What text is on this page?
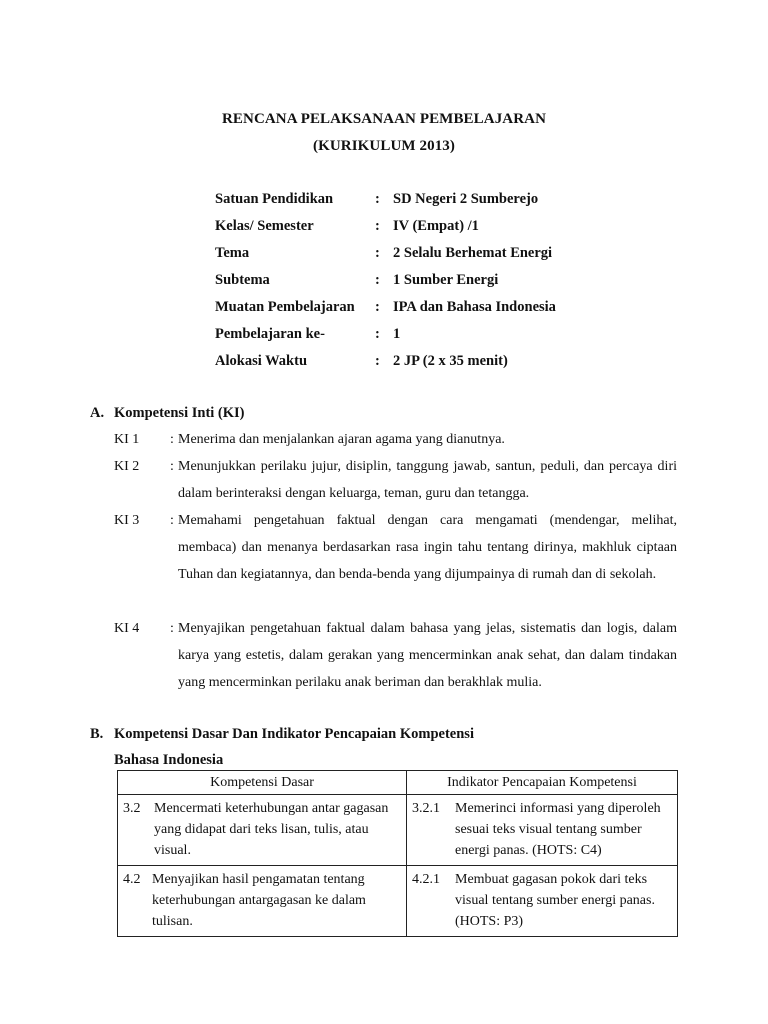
RENCANA PELAKSANAAN PEMBELAJARAN
(KURIKULUM 2013)
Satuan Pendidikan	: SD Negeri 2 Sumberejo
Kelas/ Semester	: IV (Empat) /1
Tema	: 2 Selalu Berhemat Energi
Subtema	: 1 Sumber Energi
Muatan Pembelajaran : IPA dan Bahasa Indonesia
Pembelajaran ke-	: 1
Alokasi Waktu	: 2 JP (2 x 35 menit)
A. Kompetensi Inti (KI)
KI 1 : Menerima dan menjalankan ajaran agama yang dianutnya.
KI 2 : Menunjukkan perilaku jujur, disiplin, tanggung jawab, santun, peduli, dan percaya diri dalam berinteraksi dengan keluarga, teman, guru dan tetangga.
KI 3 : Memahami pengetahuan faktual dengan cara mengamati (mendengar, melihat, membaca) dan menanya berdasarkan rasa ingin tahu tentang dirinya, makhluk ciptaan Tuhan dan kegiatannya, dan benda-benda yang dijumpainya di rumah dan di sekolah.
KI 4 : Menyajikan pengetahuan faktual dalam bahasa yang jelas, sistematis dan logis, dalam karya yang estetis, dalam gerakan yang mencerminkan anak sehat, dan dalam tindakan yang mencerminkan perilaku anak beriman dan berakhlak mulia.
B. Kompetensi Dasar Dan Indikator Pencapaian Kompetensi
Bahasa Indonesia
Kompetensi Dasar	Indikator Pencapaian Kompetensi

3.2 Mencermati keterhubungan antar gagasan yang didapat dari teks lisan, tulis, atau visual.	3.2.1 Memerinci informasi yang diperoleh sesuai teks visual tentang sumber energi panas. (HOTS: C4)

4.2 Menyajikan hasil pengamatan tentang keterhubungan antargagasan ke dalam tulisan.	4.2.1 Membuat gagasan pokok dari teks visual tentang sumber energi panas. (HOTS: P3)
